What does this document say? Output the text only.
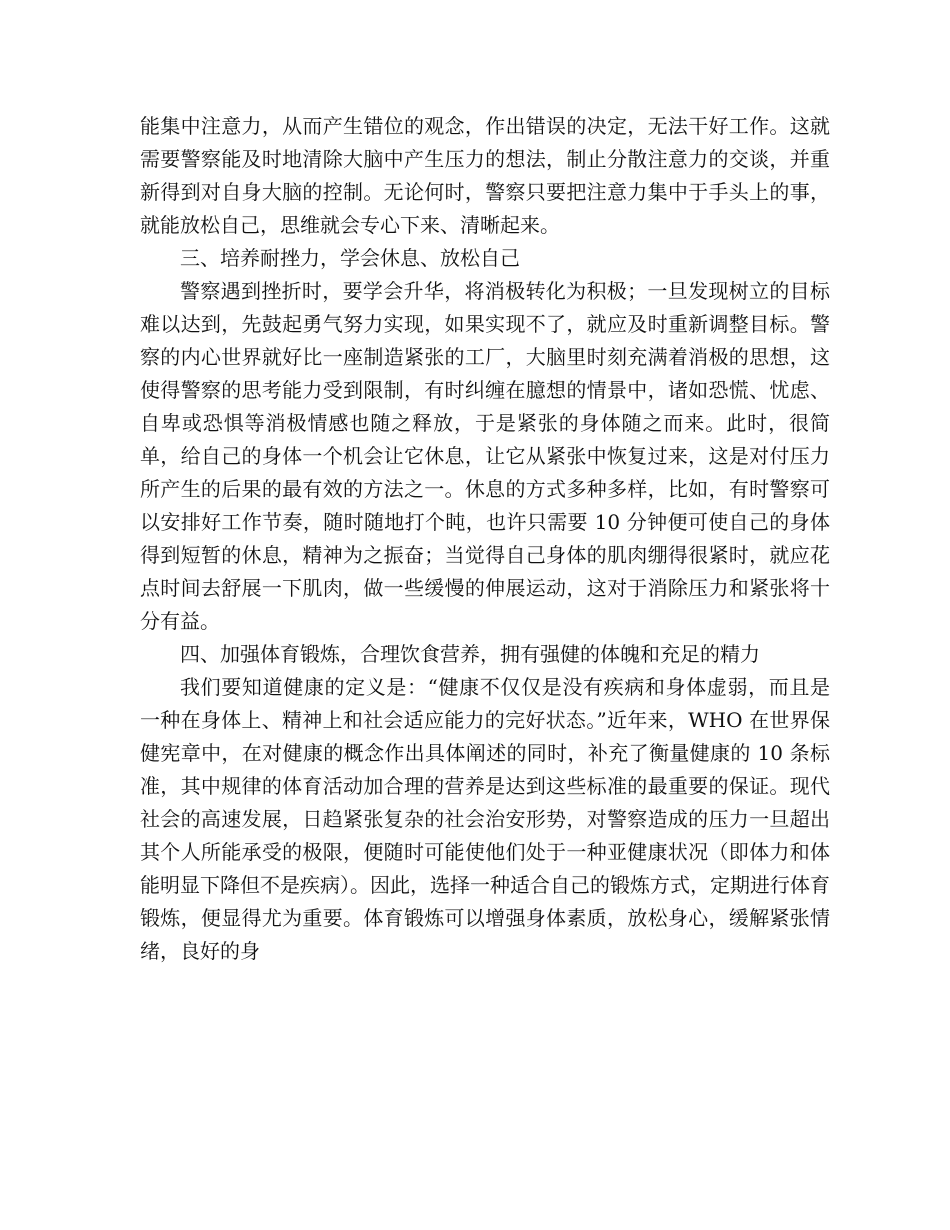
能集中注意力，从而产生错位的观念，作出错误的决定，无法干好工作。这就需要警察能及时地清除大脑中产生压力的想法，制止分散注意力的交谈，并重新得到对自身大脑的控制。无论何时，警察只要把注意力集中于手头上的事，就能放松自己，思维就会专心下来、清晰起来。

三、培养耐挫力，学会休息、放松自己

警察遇到挫折时，要学会升华，将消极转化为积极；一旦发现树立的目标难以达到，先鼓起勇气努力实现，如果实现不了，就应及时重新调整目标。警察的内心世界就好比一座制造紧张的工厂，大脑里时刻充满着消极的思想，这使得警察的思考能力受到限制，有时纠缠在臆想的情景中，诸如恐慌、忧虑、自卑或恐惧等消极情感也随之释放，于是紧张的身体随之而来。此时，很简单，给自己的身体一个机会让它休息，让它从紧张中恢复过来，这是对付压力所产生的后果的最有效的方法之一。休息的方式多种多样，比如，有时警察可以安排好工作节奏，随时随地打个盹，也许只需要 10 分钟便可使自己的身体得到短暂的休息，精神为之振奋；当觉得自己身体的肌肉绷得很紧时，就应花点时间去舒展一下肌肉，做一些缓慢的伸展运动，这对于消除压力和紧张将十分有益。

四、加强体育锻炼，合理饮食营养，拥有强健的体魄和充足的精力

我们要知道健康的定义是：“健康不仅仅是没有疾病和身体虚弱，而且是一种在身体上、精神上和社会适应能力的完好状态。”近年来，WHO 在世界保健宪章中，在对健康的概念作出具体阐述的同时，补充了衡量健康的 10 条标准，其中规律的体育活动加合理的营养是达到这些标准的最重要的保证。现代社会的高速发展，日趋紧张复杂的社会治安形势，对警察造成的压力一旦超出其个人所能承受的极限，便随时可能使他们处于一种亚健康状况（即体力和体能明显下降但不是疾病）。因此，选择一种适合自己的锻炼方式，定期进行体育锻炼，便显得尤为重要。体育锻炼可以增强身体素质，放松身心，缓解紧张情绪，良好的身
